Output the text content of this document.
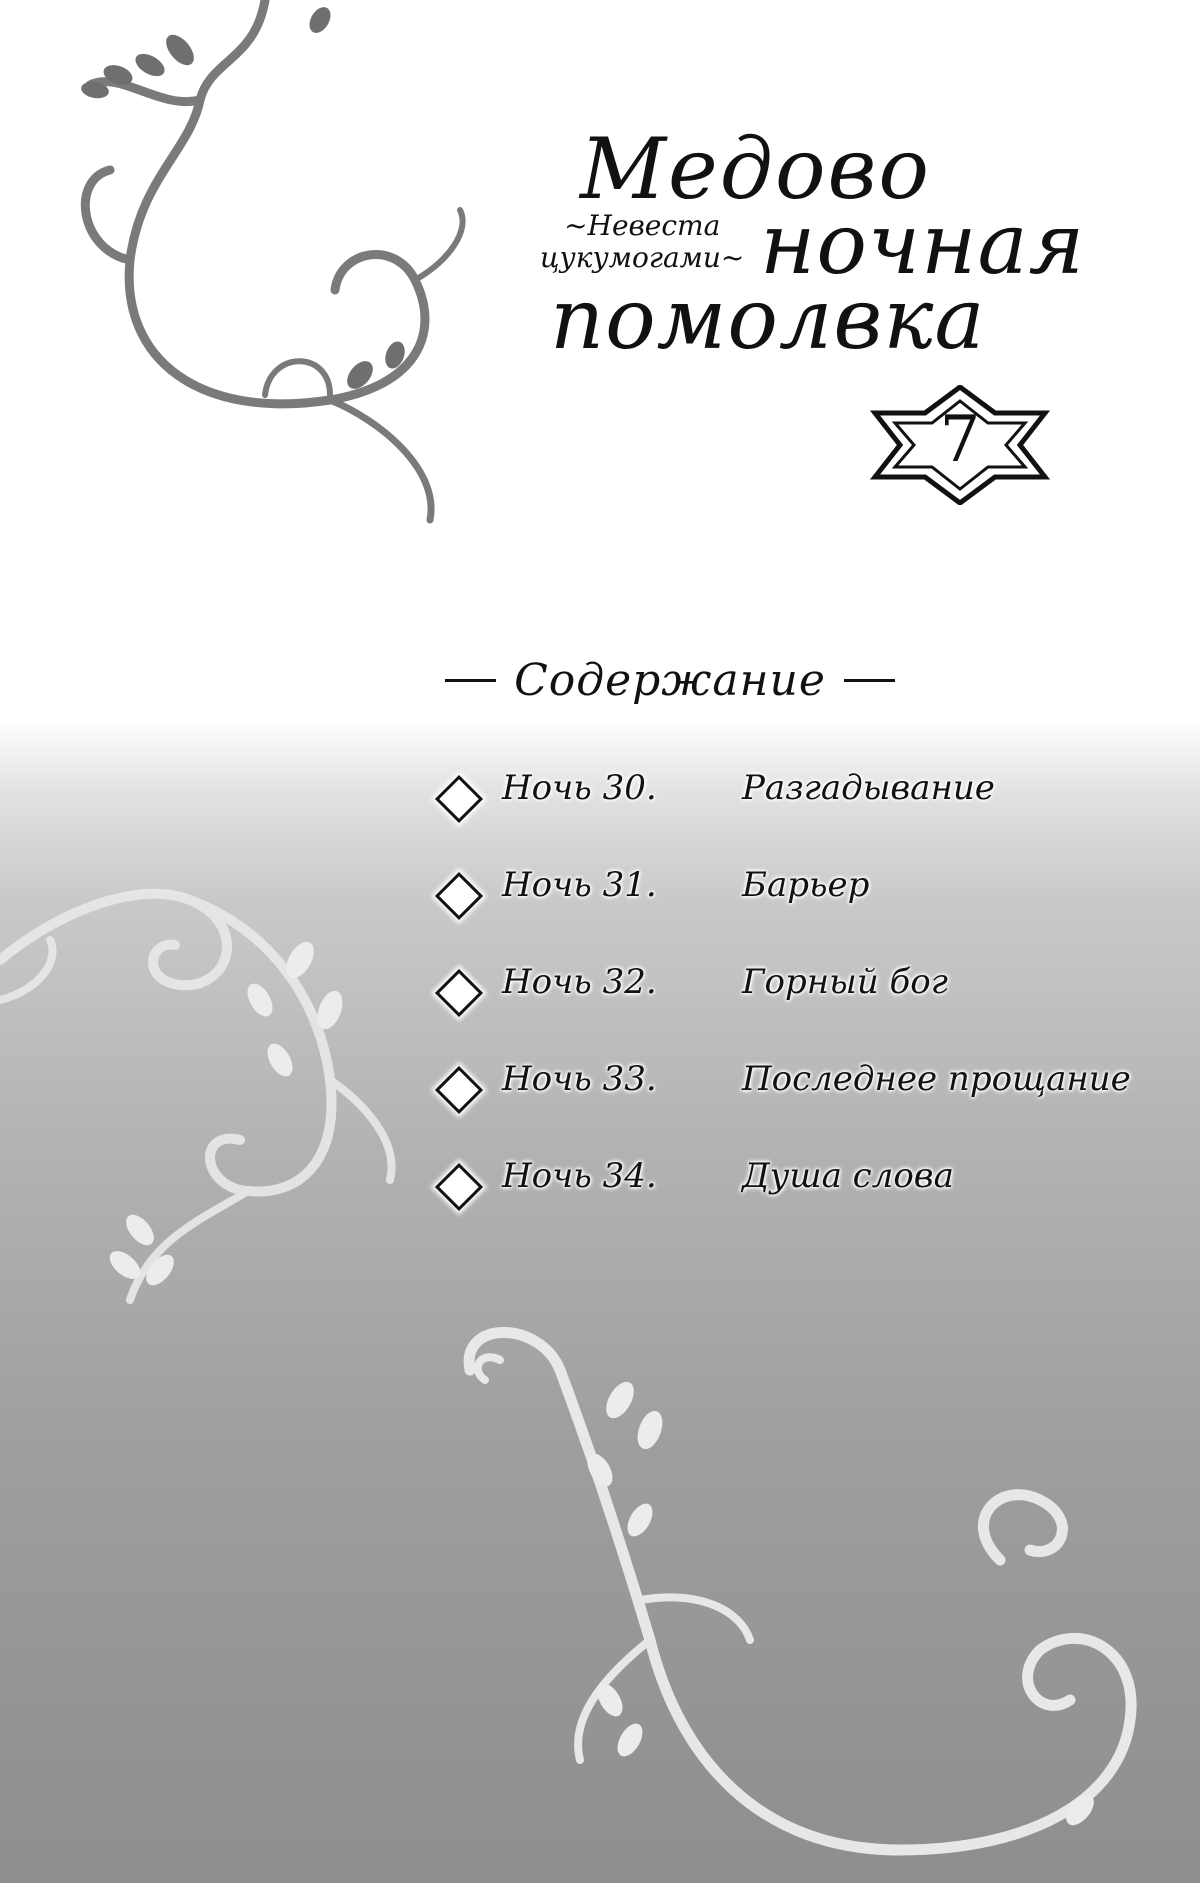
Медово
ночная
помолвка
~Невеста
цукумогами~
7
Содержание
Ночь 30.	Разгадывание
Ночь 31.	Барьер
Ночь 32.	Горный бог
Ночь 33.	Последнее прощание
Ночь 34.	Душа слова
